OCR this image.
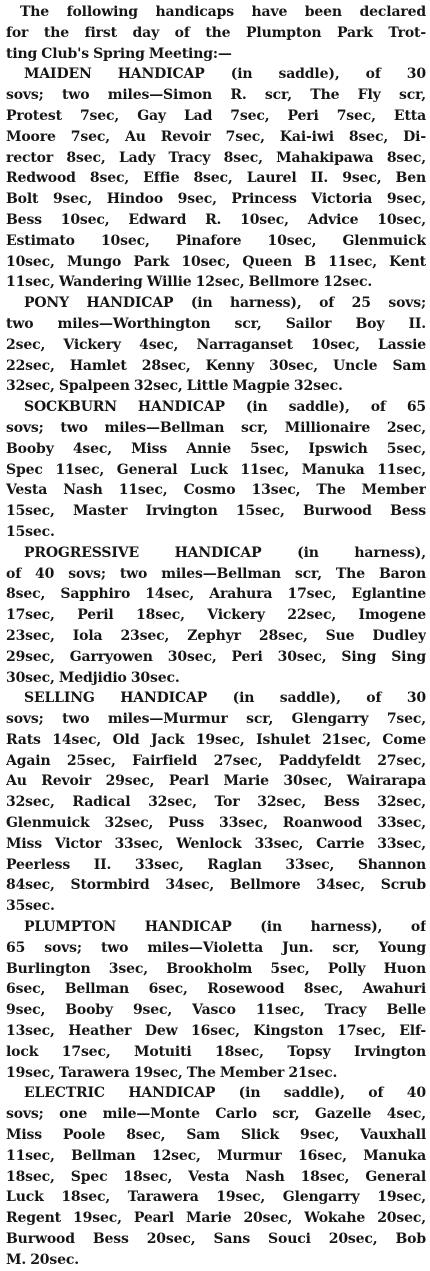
The following handicaps have been declared
for the first day of the Plumpton Park Trot-
ting Club's Spring Meeting:—
MAIDEN HANDICAP (in saddle), of 30
sovs; two miles—Simon R. scr, The Fly scr,
Protest 7sec, Gay Lad 7sec, Peri 7sec, Etta
Moore 7sec, Au Revoir 7sec, Kai-iwi 8sec, Di-
rector 8sec, Lady Tracy 8sec, Mahakipawa 8sec,
Redwood 8sec, Effie 8sec, Laurel II. 9sec, Ben
Bolt 9sec, Hindoo 9sec, Princess Victoria 9sec,
Bess 10sec, Edward R. 10sec, Advice 10sec,
Estimato 10sec, Pinafore 10sec, Glenmuick
10sec, Mungo Park 10sec, Queen B 11sec, Kent
11sec, Wandering Willie 12sec, Bellmore 12sec.
PONY HANDICAP (in harness), of 25 sovs;
two miles—Worthington scr, Sailor Boy II.
2sec, Vickery 4sec, Narraganset 10sec, Lassie
22sec, Hamlet 28sec, Kenny 30sec, Uncle Sam
32sec, Spalpeen 32sec, Little Magpie 32sec.
SOCKBURN HANDICAP (in saddle), of 65
sovs; two miles—Bellman scr, Millionaire 2sec,
Booby 4sec, Miss Annie 5sec, Ipswich 5sec,
Spec 11sec, General Luck 11sec, Manuka 11sec,
Vesta Nash 11sec, Cosmo 13sec, The Member
15sec, Master Irvington 15sec, Burwood Bess
15sec.
PROGRESSIVE HANDICAP (in harness),
of 40 sovs; two miles—Bellman scr, The Baron
8sec, Sapphiro 14sec, Arahura 17sec, Eglantine
17sec, Peril 18sec, Vickery 22sec, Imogene
23sec, Iola 23sec, Zephyr 28sec, Sue Dudley
29sec, Garryowen 30sec, Peri 30sec, Sing Sing
30sec, Medjidio 30sec.
SELLING HANDICAP (in saddle), of 30
sovs; two miles—Murmur scr, Glengarry 7sec,
Rats 14sec, Old Jack 19sec, Ishulet 21sec, Come
Again 25sec, Fairfield 27sec, Paddyfeldt 27sec,
Au Revoir 29sec, Pearl Marie 30sec, Wairarapa
32sec, Radical 32sec, Tor 32sec, Bess 32sec,
Glenmuick 32sec, Puss 33sec, Roanwood 33sec,
Miss Victor 33sec, Wenlock 33sec, Carrie 33sec,
Peerless II. 33sec, Raglan 33sec, Shannon
84sec, Stormbird 34sec, Bellmore 34sec, Scrub
35sec.
PLUMPTON HANDICAP (in harness), of
65 sovs; two miles—Violetta Jun. scr, Young
Burlington 3sec, Brookholm 5sec, Polly Huon
6sec, Bellman 6sec, Rosewood 8sec, Awahuri
9sec, Booby 9sec, Vasco 11sec, Tracy Belle
13sec, Heather Dew 16sec, Kingston 17sec, Elf-
lock 17sec, Motuiti 18sec, Topsy Irvington
19sec, Tarawera 19sec, The Member 21sec.
ELECTRIC HANDICAP (in saddle), of 40
sovs; one mile—Monte Carlo scr, Gazelle 4sec,
Miss Poole 8sec, Sam Slick 9sec, Vauxhall
11sec, Bellman 12sec, Murmur 16sec, Manuka
18sec, Spec 18sec, Vesta Nash 18sec, General
Luck 18sec, Tarawera 19sec, Glengarry 19sec,
Regent 19sec, Pearl Marie 20sec, Wokahe 20sec,
Burwood Bess 20sec, Sans Souci 20sec, Bob
M. 20sec.
